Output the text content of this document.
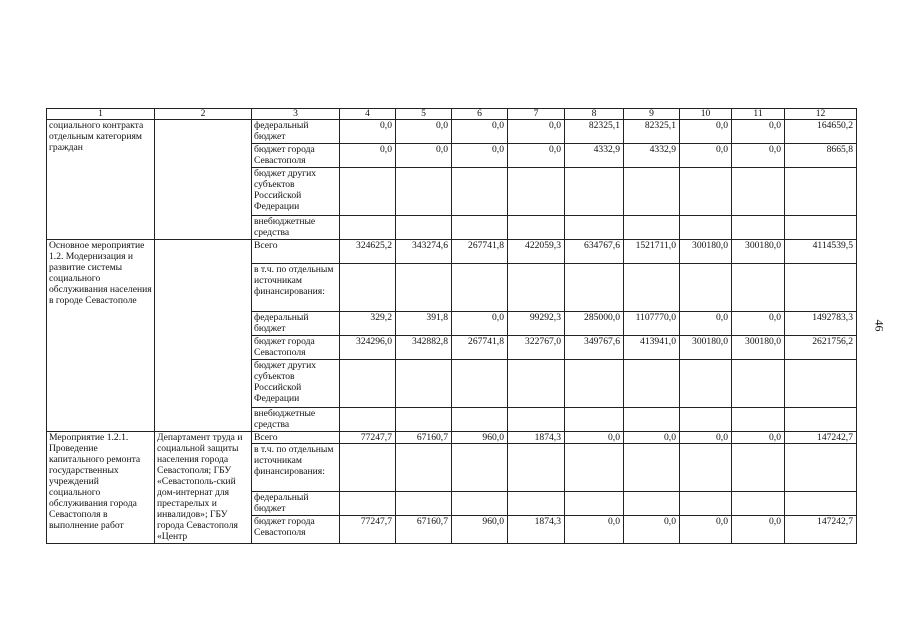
1	2	3	4	5	6	7	8	9	10	11	12
социального контракта отдельным категориям граждан		федеральный бюджет	0,0	0,0	0,0	0,0	82325,1	82325,1	0,0	0,0	164650,2
		бюджет города Севастополя	0,0	0,0	0,0	0,0	4332,9	4332,9	0,0	0,0	8665,8
		бюджет других субъектов Российской Федерации									
		внебюджетные средства									
Основное мероприятие 1.2. Модернизация и развитие системы социального обслуживания населения в городе Севастополе		Всего	324625,2	343274,6	267741,8	422059,3	634767,6	1521711,0	300180,0	300180,0	4114539,5
		в т.ч. по отдельным источникам финансирования:									
		федеральный бюджет	329,2	391,8	0,0	99292,3	285000,0	1107770,0	0,0	0,0	1492783,3
		бюджет города Севастополя	324296,0	342882,8	267741,8	322767,0	349767,6	413941,0	300180,0	300180,0	2621756,2
		бюджет других субъектов Российской Федерации									
		внебюджетные средства									
Мероприятие 1.2.1. Проведение капитального ремонта государственных учреждений социального обслуживания города Севастополя в выполнение работ	Департамент труда и социальной защиты населения города Севастополя; ГБУ «Севастополь-ский дом-интернат для престарелых и инвалидов»; ГБУ города Севастополя «Центр	Всего	77247,7	67160,7	960,0	1874,3	0,0	0,0	0,0	0,0	147242,7
		в т.ч. по отдельным источникам финансирования:									
		федеральный бюджет									
		бюджет города Севастополя	77247,7	67160,7	960,0	1874,3	0,0	0,0	0,0	0,0	147242,7
46
